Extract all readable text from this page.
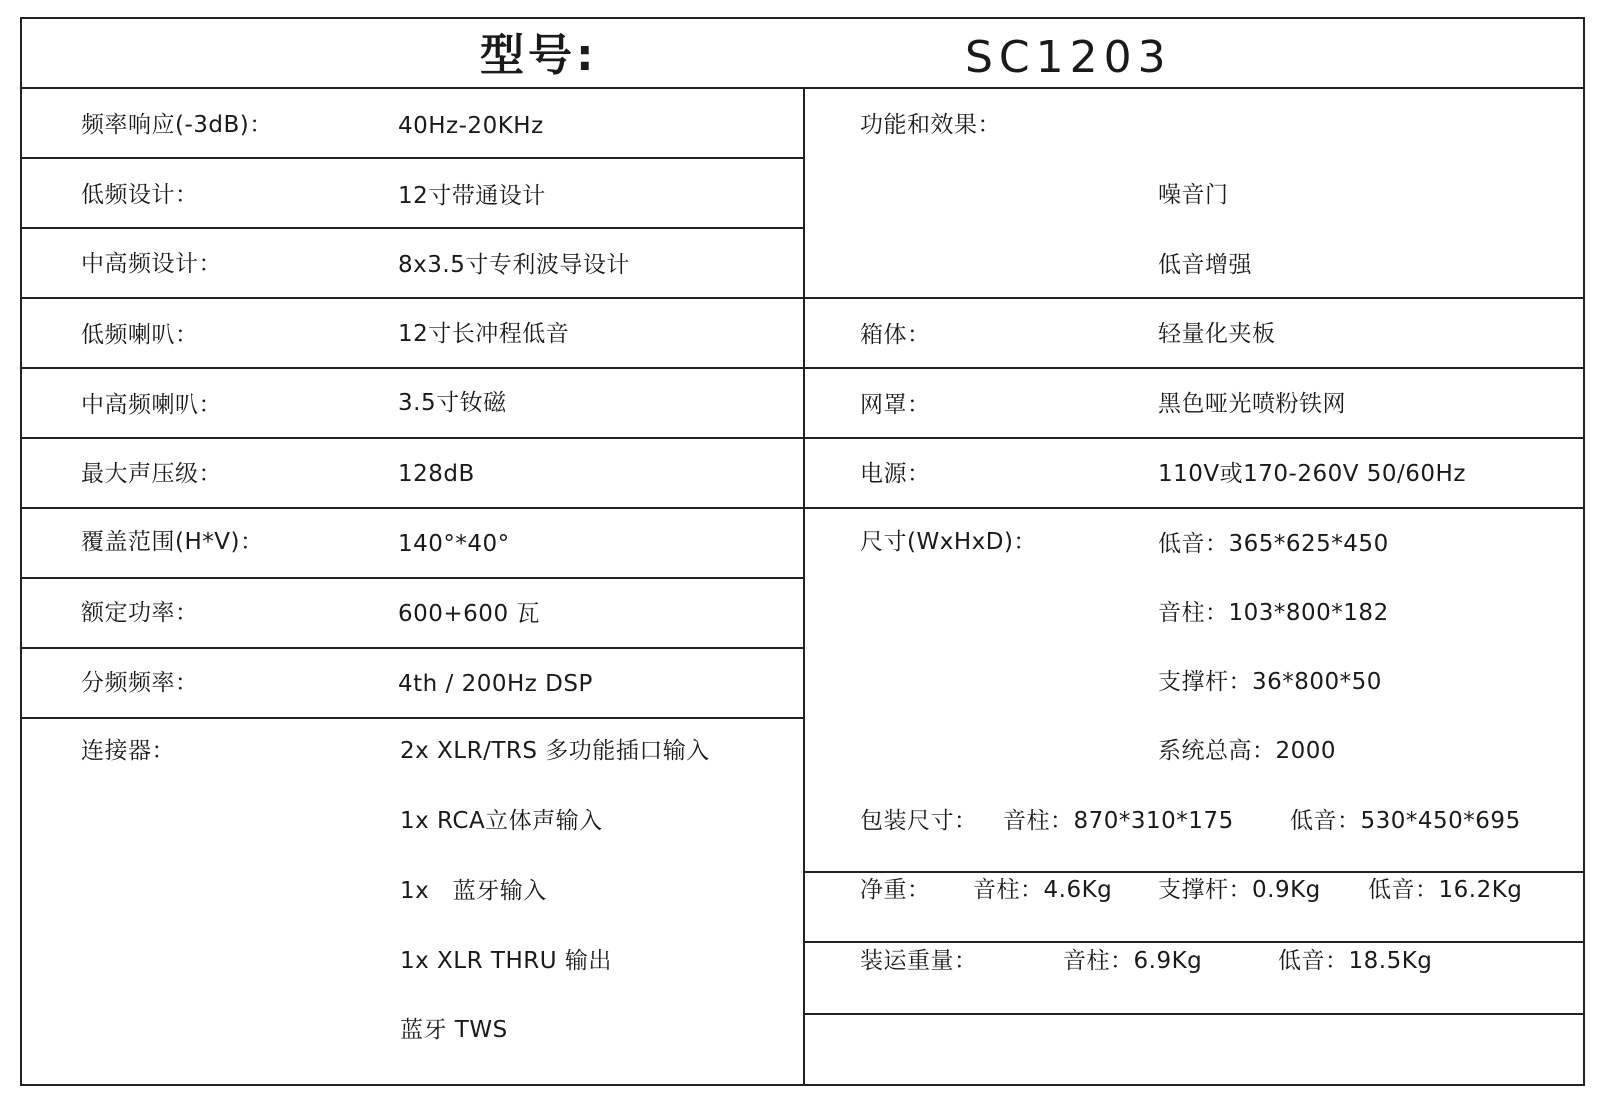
型号:	SC1203
频率响应(-3dB)：	40Hz-20KHz
低频设计：	12寸带通设计
中高频设计：	8x3.5寸专利波导设计
低频喇叭：	12寸长冲程低音
中高频喇叭：	3.5寸钕磁
最大声压级：	128dB
覆盖范围(H*V)：	140°*40°
额定功率：	600+600 瓦
分频频率：	4th / 200Hz DSP
连接器：	2x XLR/TRS 多功能插口输入
1x RCA立体声输入
1x　蓝牙输入
1x XLR THRU 输出
蓝牙 TWS
功能和效果：
噪音门
低音增强
箱体：	轻量化夹板
网罩：	黑色哑光喷粉铁网
电源：	110V或170-260V 50/60Hz
尺寸(WxHxD)：	低音：365*625*450
音柱：103*800*182
支撑杆：36*800*50
系统总高：2000
包装尺寸： 音柱：870*310*175 低音：530*450*695
净重： 音柱：4.6Kg 支撑杆：0.9Kg 低音：16.2Kg
装运重量：	音柱：6.9Kg	低音：18.5Kg
